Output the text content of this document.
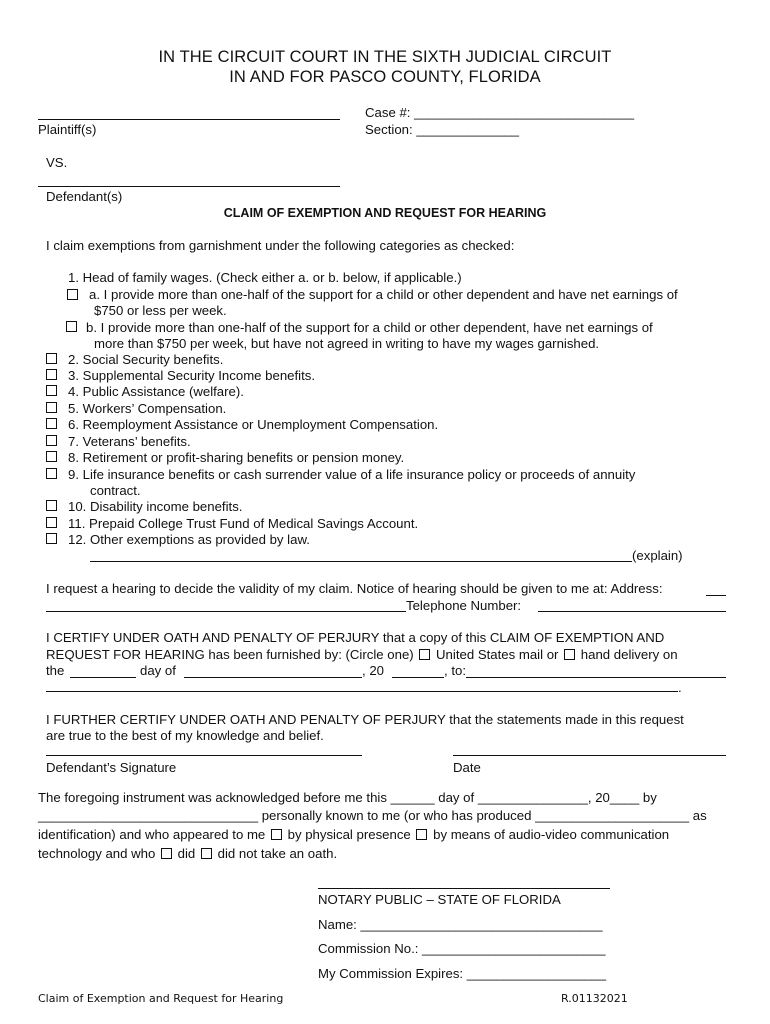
IN THE CIRCUIT COURT IN THE SIXTH JUDICIAL CIRCUIT
IN AND FOR PASCO COUNTY, FLORIDA
Plaintiff(s)
Case #: ______________________________
Section: ______________
VS.
Defendant(s)
CLAIM OF EXEMPTION AND REQUEST FOR HEARING
I claim exemptions from garnishment under the following categories as checked:
1. Head of family wages. (Check either a. or b. below, if applicable.)
a. I provide more than one-half of the support for a child or other dependent and have net earnings of
$750 or less per week.
b. I provide more than one-half of the support for a child or other dependent, have net earnings of
more than $750 per week, but have not agreed in writing to have my wages garnished.
2. Social Security benefits.
3. Supplemental Security Income benefits.
4. Public Assistance (welfare).
5. Workers’ Compensation.
6. Reemployment Assistance or Unemployment Compensation.
7. Veterans’ benefits.
8. Retirement or profit-sharing benefits or pension money.
9. Life insurance benefits or cash surrender value of a life insurance policy or proceeds of annuity
contract.
10. Disability income benefits.
11. Prepaid College Trust Fund of Medical Savings Account.
12. Other exemptions as provided by law.
(explain)
I request a hearing to decide the validity of my claim. Notice of hearing should be given to me at: Address:
Telephone Number:
I CERTIFY UNDER OATH AND PENALTY OF PERJURY that a copy of this CLAIM OF EXEMPTION AND
REQUEST FOR HEARING has been furnished by: (Circle one) United States mail or hand delivery on
the	day of	, 20	, to:
.
I FURTHER CERTIFY UNDER OATH AND PENALTY OF PERJURY that the statements made in this request
are true to the best of my knowledge and belief.
Defendant’s Signature	Date
The foregoing instrument was acknowledged before me this ______ day of _______________, 20____ by
______________________________ personally known to me (or who has produced _____________________ as
identification) and who appeared to me by physical presence by means of audio-video communication
technology and who did did not take an oath.
NOTARY PUBLIC – STATE OF FLORIDA
Name: _________________________________
Commission No.: _________________________
My Commission Expires: ___________________
Claim of Exemption and Request for Hearing	R.01132021
